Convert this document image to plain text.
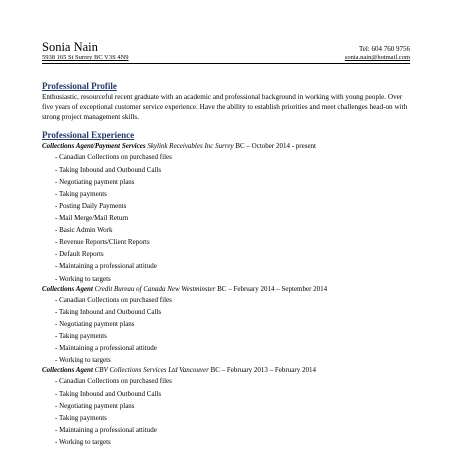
Sonia Nain	Tel: 604 760 9756
5938 165 St Surrey BC V3S 4N9	sonia.nain@hotmail.com
Professional Profile
Enthusiastic, resourceful recent graduate with an academic and professional background in working with young people. Over five years of exceptional customer service experience. Have the ability to establish priorities and meet challenges head-on with strong project management skills.
Professional Experience
Collections Agent/Payment Services Skylink Receivables Inc Surrey BC – October 2014 - present
- Canadian Collections on purchased files
- Taking Inbound and Outbound Calls
- Negotiating payment plans
- Taking payments
- Posting Daily Payments
- Mail Merge/Mail Return
- Basic Admin Work
- Revenue Reports/Client Reports
- Default Reports
- Maintaining a professional attitude
- Working to targets
Collections Agent Credit Bureau of Canada New Westminster BC – February 2014 – September 2014
- Canadian Collections on purchased files
- Taking Inbound and Outbound Calls
- Negotiating payment plans
- Taking payments
- Maintaining a professional attitude
- Working to targets
Collections Agent CBV Collections Services Ltd Vancouver BC – February 2013 – February 2014
- Canadian Collections on purchased files
- Taking Inbound and Outbound Calls
- Negotiating payment plans
- Taking payments
- Maintaining a professional attitude
- Working to targets
